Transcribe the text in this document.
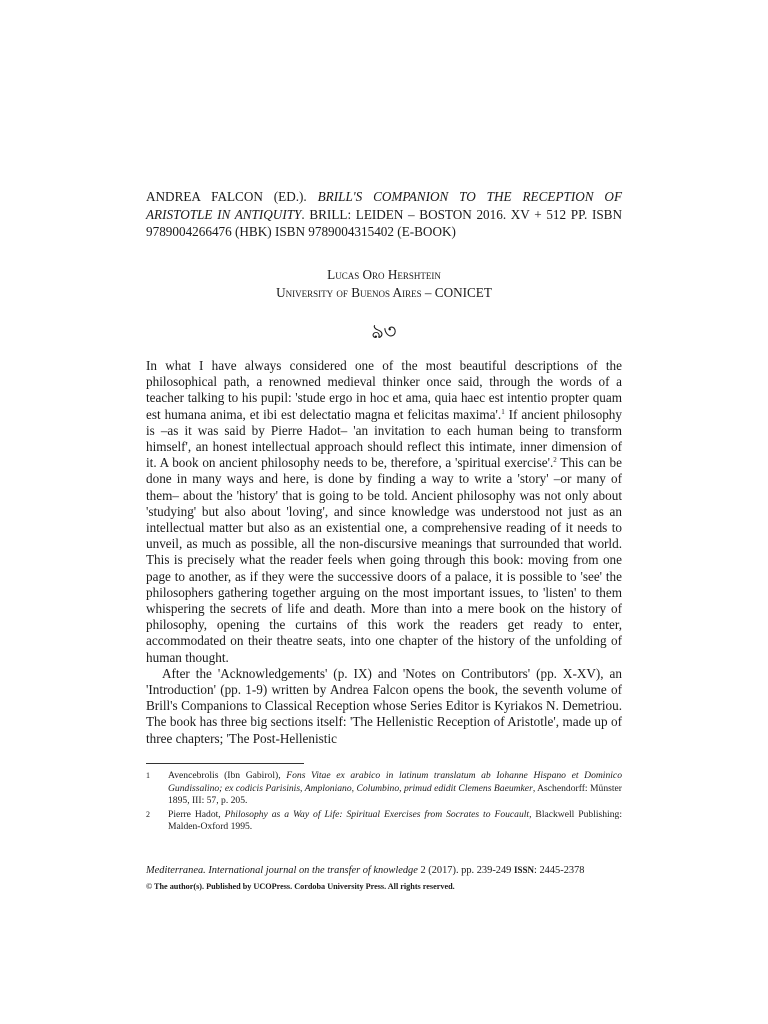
ANDREA FALCON (ED.). BRILL'S COMPANION TO THE RECEPTION OF ARISTOTLE IN ANTIQUITY. BRILL: LEIDEN – BOSTON 2016. XV + 512 PP. ISBN 9789004266476 (HBK) ISBN 9789004315402 (E-BOOK)
Lucas Oro Hershtein
University of Buenos Aires – CONICET
ঌ৩

In what I have always considered one of the most beautiful descriptions of the philosophical path, a renowned medieval thinker once said, through the words of a teacher talking to his pupil: 'stude ergo in hoc et ama, quia haec est intentio propter quam est humana anima, et ibi est delectatio magna et felicitas maxima'.$^1$ If ancient philosophy is –as it was said by Pierre Hadot– 'an invitation to each human being to transform himself', an honest intellectual approach should reflect this intimate, inner dimension of it. A book on ancient philosophy needs to be, therefore, a 'spiritual exercise'.$^2$ This can be done in many ways and here, is done by finding a way to write a 'story' –or many of them– about the 'history' that is going to be told. Ancient philosophy was not only about 'studying' but also about 'loving', and since knowledge was understood not just as an intellectual matter but also as an existential one, a comprehensive reading of it needs to unveil, as much as possible, all the non-discursive meanings that surrounded that world. This is precisely what the reader feels when going through this book: moving from one page to another, as if they were the successive doors of a palace, it is possible to 'see' the philosophers gathering together arguing on the most important issues, to 'listen' to them whispering the secrets of life and death. More than into a mere book on the history of philosophy, opening the curtains of this work the readers get ready to enter, accommodated on their theatre seats, into one chapter of the history of the unfolding of human thought.

After the 'Acknowledgements' (p. IX) and 'Notes on Contributors' (pp. X-XV), an 'Introduction' (pp. 1-9) written by Andrea Falcon opens the book, the seventh volume of Brill's Companions to Classical Reception whose Series Editor is Kyriakos N. Demetriou. The book has three big sections itself: 'The Hellenistic Reception of Aristotle', made up of three chapters; 'The Post-Hellenistic

1	Avencebrolis (Ibn Gabirol), Fons Vitae ex arabico in latinum translatum ab Iohanne Hispano et Dominico Gundissalino; ex codicis Parisinis, Amploniano, Columbino, primud edidit Clemens Baeumker, Aschendorff: Münster 1895, III: 57, p. 205.
2	Pierre Hadot, Philosophy as a Way of Life: Spiritual Exercises from Socrates to Foucault, Blackwell Publishing: Malden-Oxford 1995.
Mediterranea. International journal on the transfer of knowledge 2 (2017). pp. 239-249 ISSN: 2445-2378
© The author(s). Published by UCOPress. Cordoba University Press. All rights reserved.
